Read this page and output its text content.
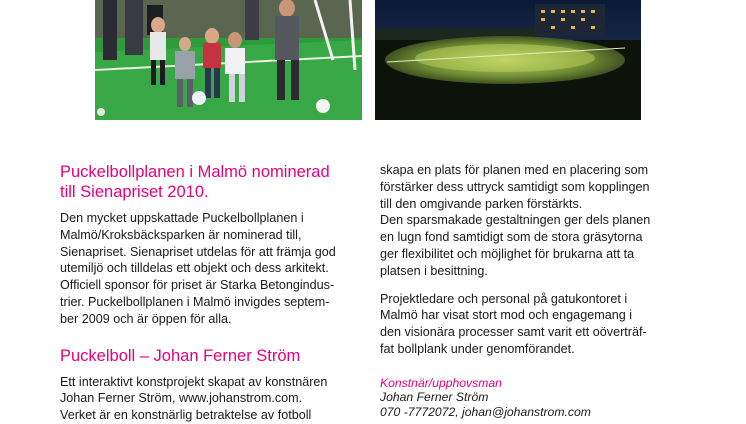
Puckelbollplanen i Malmö nominerad
till Sienapriset 2010.

Den mycket uppskattade Puckelbollplanen i
Malmö/Kroksbäcksparken är nominerad till,
Sienapriset. Sienapriset utdelas för att främja god
utemiljö och tilldelas ett objekt och dess arkitekt.
Officiell sponsor för priset är Starka Betongindus-
trier. Puckelbollplanen i Malmö invigdes septem-
ber 2009 och är öppen för alla.

Puckelboll – Johan Ferner Ström

Ett interaktivt konstprojekt skapat av konstnären
Johan Ferner Ström, www.johanstrom.com.
Verket är en konstnärlig betraktelse av fotboll

skapa en plats för planen med en placering som
förstärker dess uttryck samtidigt som kopplingen
till den omgivande parken förstärkts.
Den sparsmakade gestaltningen ger dels planen
en lugn fond samtidigt som de stora gräsytorna
ger flexibilitet och möjlighet för brukarna att ta
platsen i besittning.

Projektledare och personal på gatukontoret i
Malmö har visat stort mod och engagemang i
den visionära processer samt varit ett oöverträf-
fat bollplank under genomförandet.

Konstnär/upphovsman
Johan Ferner Ström
070 -7772072, johan@johanstrom.com
